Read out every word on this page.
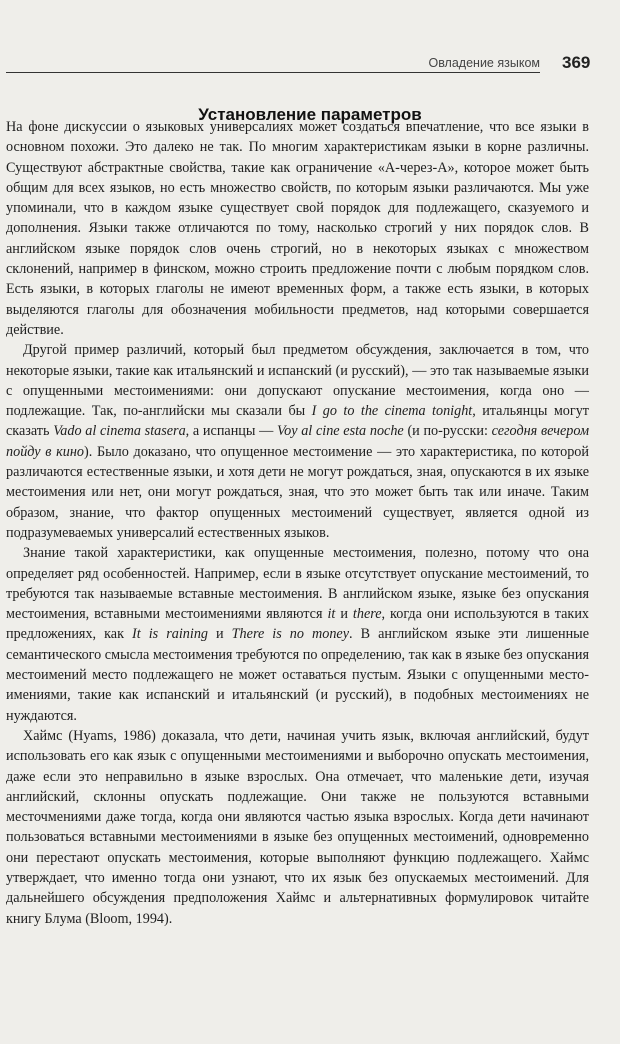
Овладение языком 369
Установление параметров

На фоне дискуссии о языковых универсалиях может создаться впечатление, что все языки в основном похожи. Это далеко не так. По многим характеристикам языки в корне различны. Существуют абстрактные свойства, такие как ограничение «А-через-А», которое может быть общим для всех языков, но есть множество свойств, по которым языки различаются. Мы уже упоминали, что в каждом языке существует свой порядок для подлежащего, сказуемого и дополнения. Языки также отличаются по тому, насколько строгий у них порядок слов. В английском языке порядок слов очень строгий, но в некоторых языках с множеством склонений, например в финском, можно строить предложение почти с любым порядком слов. Есть языки, в которых глаголы не имеют временных форм, а также есть языки, в которых выделяются глаголы для обозначения мобильности предметов, над которыми совершается действие.

Другой пример различий, который был предметом обсуждения, заключается в том, что некоторые языки, такие как итальянский и испанский (и русский), — это так называемые языки с опущенными местоимениями: они допускают опускание местоимения, когда оно — подлежащие. Так, по-английски мы сказали бы I go to the cinema tonight, итальянцы могут сказать Vado al cinema stasera, а испанцы — Voy al cine esta noche (и по-русски: сегодня вечером пойду в кино). Было доказано, что опущенное местоимение — это характеристика, по которой различаются естественные языки, и хотя дети не могут рождаться, зная, опускаются в их языке местоимения или нет, они могут рождаться, зная, что это может быть так или иначе. Таким образом, знание, что фактор опущенных местоимений существует, является одной из подразумеваемых универсалий естественных языков.

Знание такой характеристики, как опущенные местоимения, полезно, потому что она определяет ряд особенностей. Например, если в языке отсутствует опускание местоимений, то требуются так называемые вставные местоимения. В английском языке, языке без опускания местоимения, вставными местоимениями являются it и there, когда они используются в таких предложениях, как It is raining и There is no money. В английском языке эти лишенные семантического смысла местоимения требуются по определению, так как в языке без опускания местоимений место подлежащего не может оставаться пустым. Языки с опущенными местоимениями, такие как испанский и итальянский (и русский), в подобных местоимениях не нуждаются.

Хаймс (Hyams, 1986) доказала, что дети, начиная учить язык, включая английский, будут использовать его как язык с опущенными местоимениями и выборочно опускать местоимения, даже если это неправильно в языке взрослых. Она отмечает, что маленькие дети, изучая английский, склонны опускать подлежащие. Они также не пользуются вставными месточмениями даже тогда, когда они являются частью языка взрослых. Когда дети начинают пользоваться вставными местоимениями в языке без опущенных местоимений, одновременно они перестают опускать местоимения, которые выполняют функцию подлежащего. Хаймс утверждает, что именно тогда они узнают, что их язык без опускаемых местоимений. Для дальнейшего обсуждения предположения Хаймс и альтернативных формулировок читайте книгу Блума (Bloom, 1994).
